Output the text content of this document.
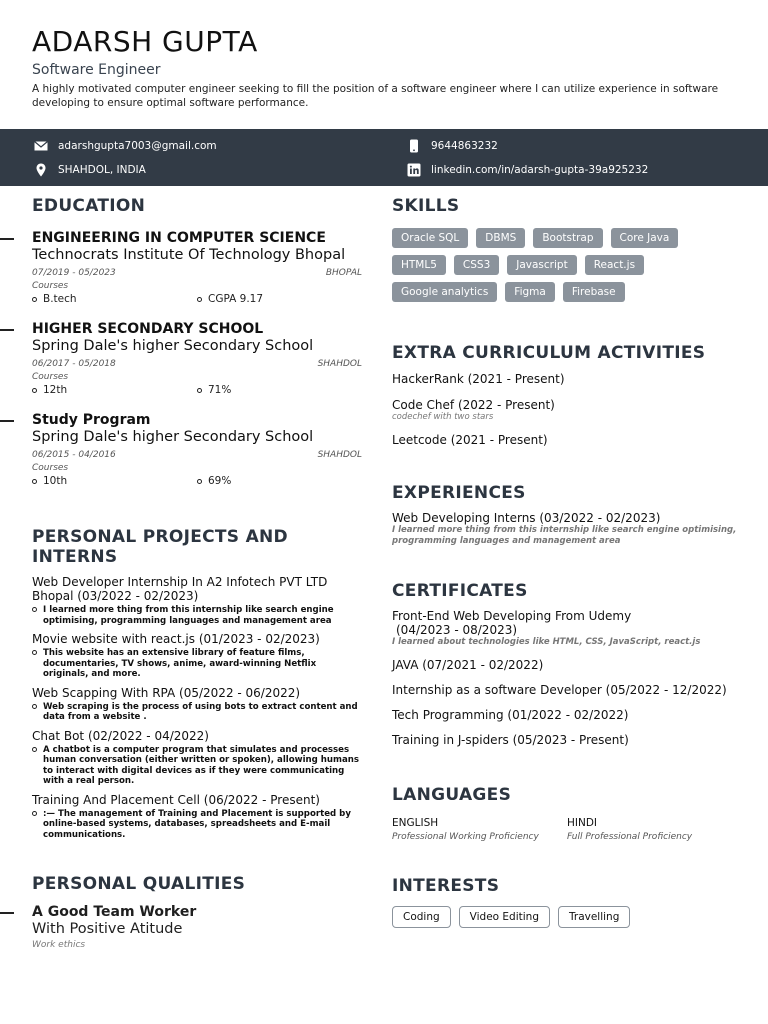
ADARSH GUPTA
Software Engineer
A highly motivated computer engineer seeking to fill the position of a software engineer where I can utilize experience in software developing to ensure optimal software performance.
adarshgupta7003@gmail.com	9644863232
SHAHDOL, INDIA	linkedin.com/in/adarsh-gupta-39a925232
EDUCATION
ENGINEERING IN COMPUTER SCIENCE
Technocrats Institute Of Technology Bhopal
07/2019 - 05/2023	BHOPAL
Courses
B.tech	CGPA 9.17
HIGHER SECONDARY SCHOOL
Spring Dale's higher Secondary School
06/2017 - 05/2018	SHAHDOL
Courses
12th	71%
Study Program
Spring Dale's higher Secondary School
06/2015 - 04/2016	SHAHDOL
Courses
10th	69%
PERSONAL PROJECTS AND
INTERNS
Web Developer Internship In A2 Infotech PVT LTD Bhopal (03/2022 - 02/2023)
I learned more thing from this internship like search engine optimising, programming languages and management area
Movie website with react.js (01/2023 - 02/2023)
This website has an extensive library of feature films, documentaries, TV shows, anime, award-winning Netflix originals, and more.
Web Scapping With RPA (05/2022 - 06/2022)
Web scraping is the process of using bots to extract content and data from a website .
Chat Bot (02/2022 - 04/2022)
A chatbot is a computer program that simulates and processes human conversation (either written or spoken), allowing humans to interact with digital devices as if they were communicating with a real person.
Training And Placement Cell (06/2022 - Present)
:— The management of Training and Placement is supported by online-based systems, databases, spreadsheets and E-mail communications.
PERSONAL QUALITIES
A Good Team Worker
With Positive Atitude
Work ethics
SKILLS
Oracle SQL	DBMS	Bootstrap	Core Java
HTML5	CSS3	Javascript	React.js
Google analytics	Figma	Firebase
EXTRA CURRICULUM ACTIVITIES
HackerRank (2021 - Present)
Code Chef (2022 - Present)
codechef with two stars
Leetcode (2021 - Present)
EXPERIENCES
Web Developing Interns (03/2022 - 02/2023)
I learned more thing from this internship like search engine optimising, programming languages and management area
CERTIFICATES
Front-End Web Developing From Udemy
(04/2023 - 08/2023)
I learned about technologies like HTML, CSS, JavaScript, react.js
JAVA (07/2021 - 02/2022)
Internship as a software Developer (05/2022 - 12/2022)
Tech Programming (01/2022 - 02/2022)
Training in J-spiders (05/2023 - Present)
LANGUAGES
ENGLISH
Professional Working Proficiency
HINDI
Full Professional Proficiency
INTERESTS
Coding	Video Editing	Travelling
